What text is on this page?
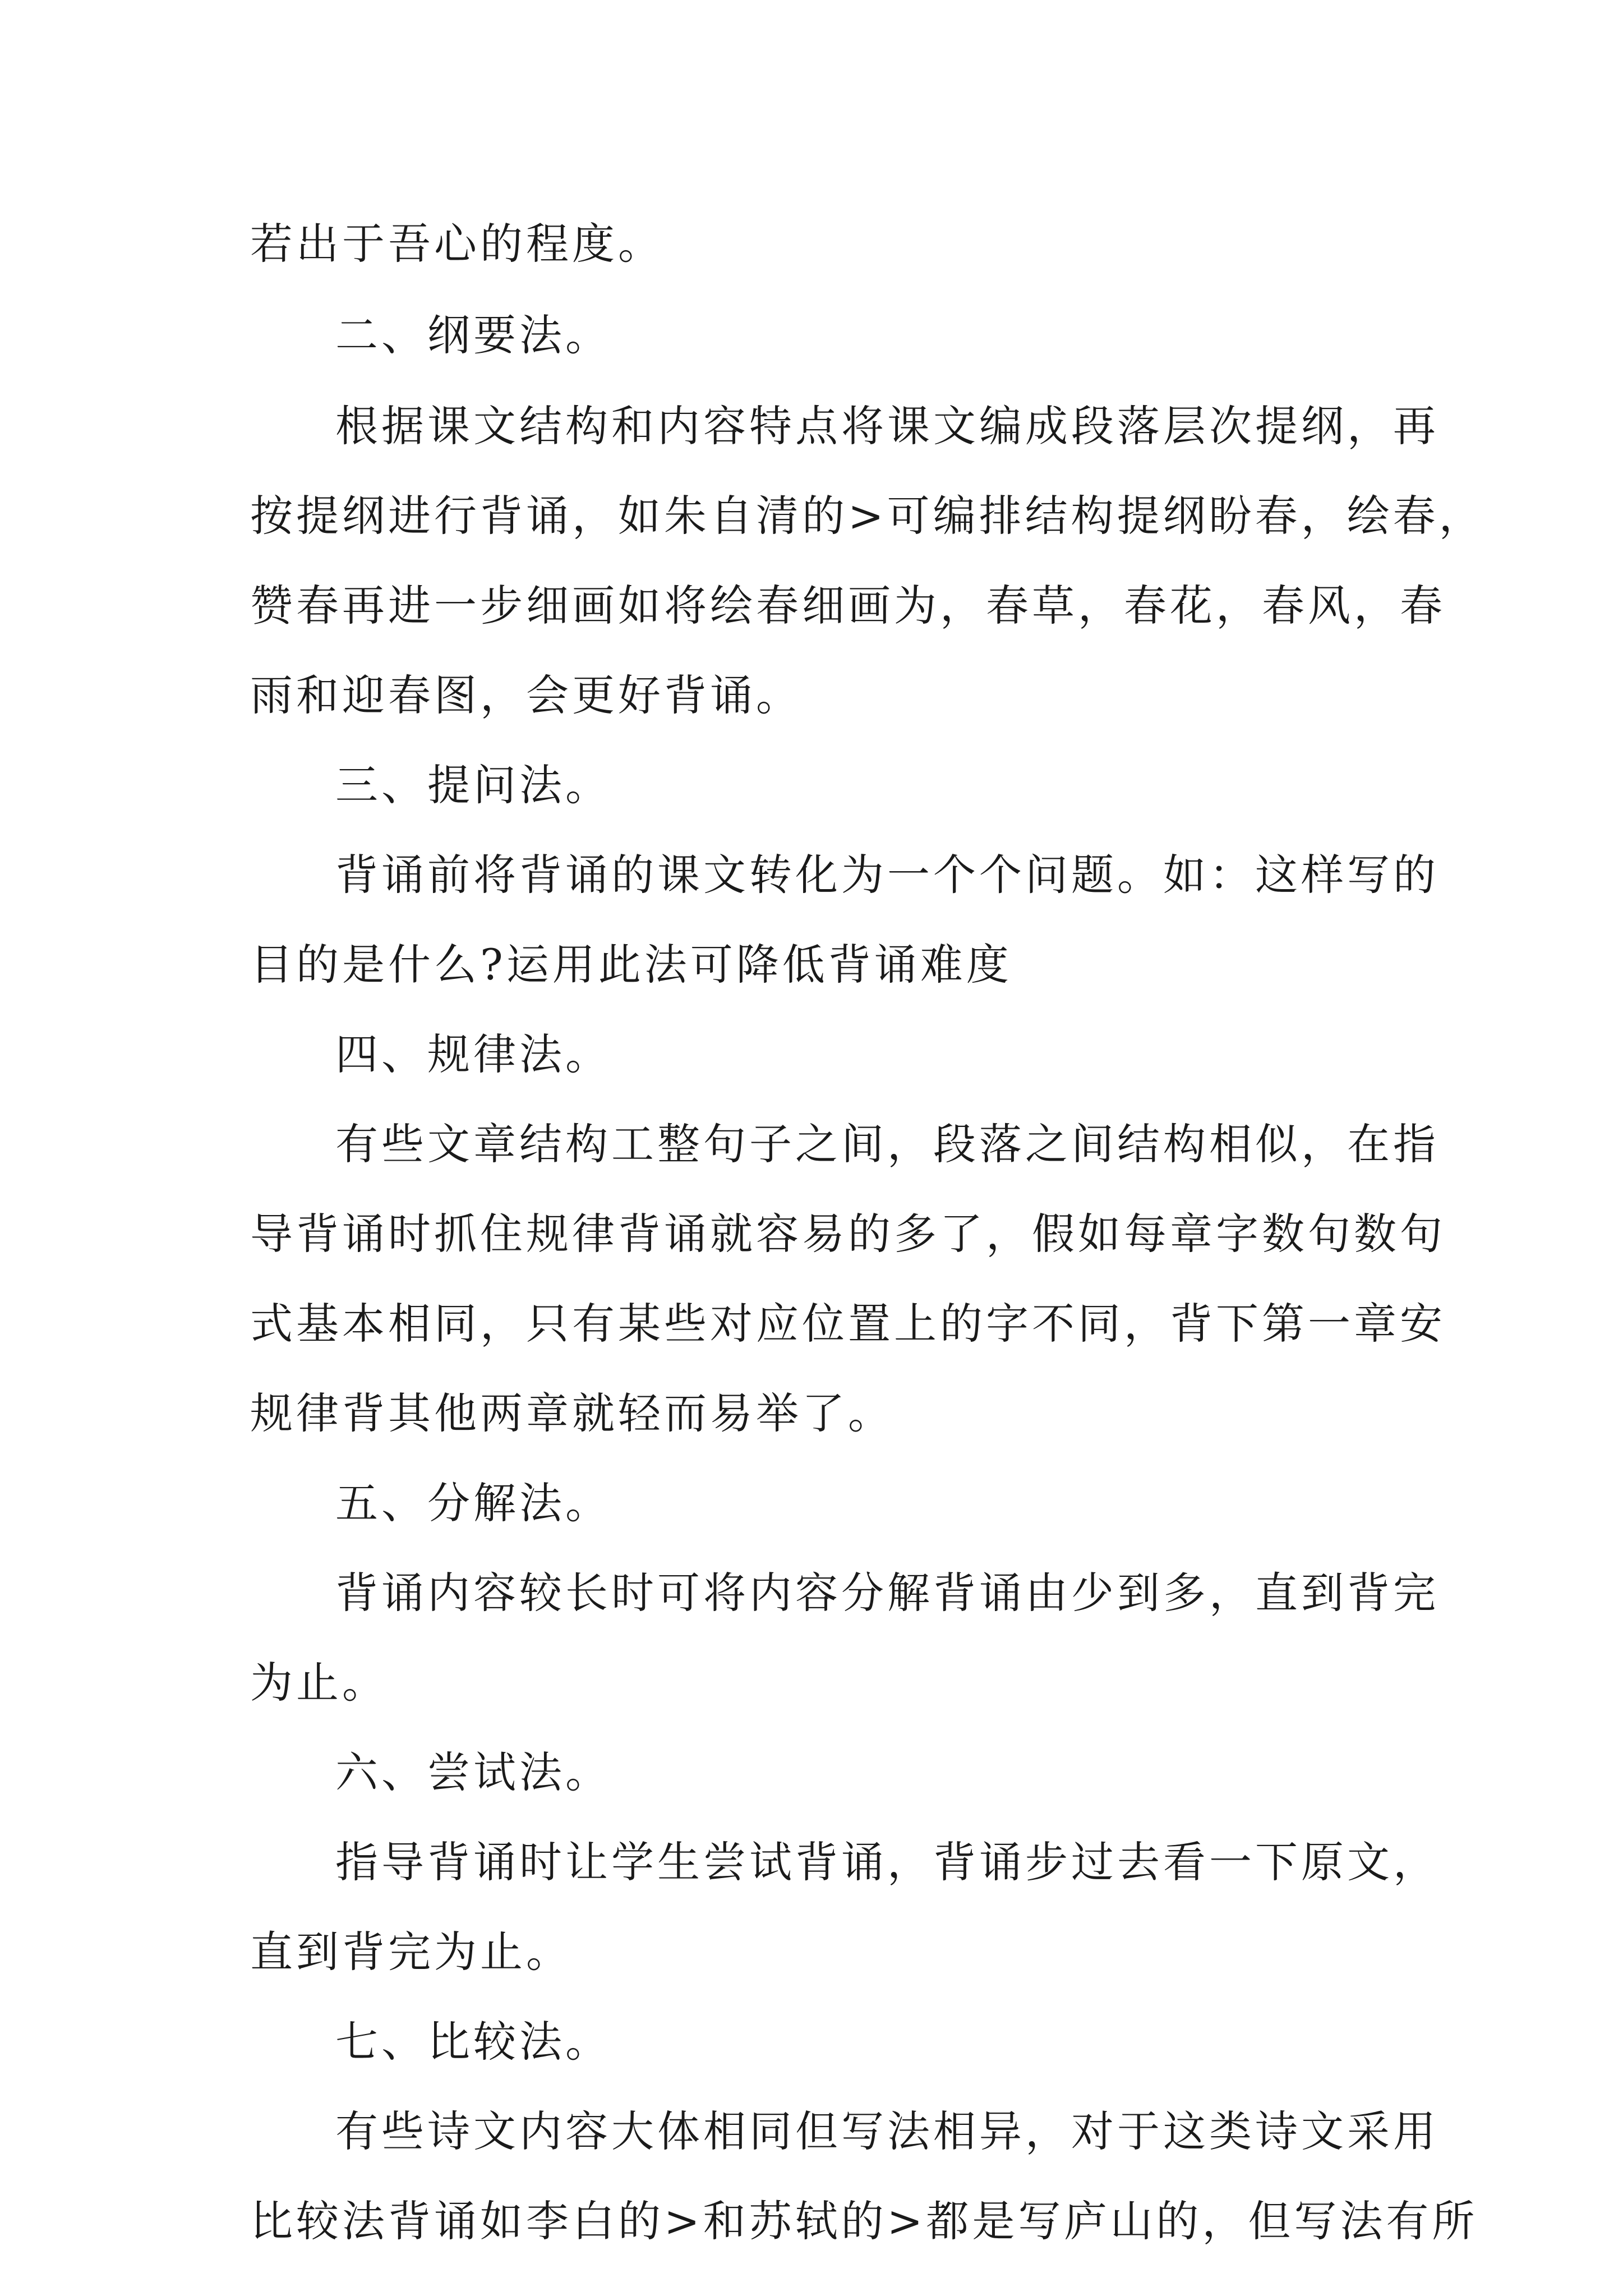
若出于吾心的程度。
二、纲要法。
根据课文结构和内容特点将课文编成段落层次提纲，再
按提纲进行背诵，如朱自清的>可编排结构提纲盼春，绘春，
赞春再进一步细画如将绘春细画为，春草，春花，春风，春
雨和迎春图，会更好背诵。
三、提问法。
背诵前将背诵的课文转化为一个个问题。如：这样写的
目的是什么?运用此法可降低背诵难度
四、规律法。
有些文章结构工整句子之间，段落之间结构相似，在指
导背诵时抓住规律背诵就容易的多了，假如每章字数句数句
式基本相同，只有某些对应位置上的字不同，背下第一章安
规律背其他两章就轻而易举了。
五、分解法。
背诵内容较长时可将内容分解背诵由少到多，直到背完
为止。
六、尝试法。
指导背诵时让学生尝试背诵，背诵步过去看一下原文，
直到背完为止。
七、比较法。
有些诗文内容大体相同但写法相异，对于这类诗文采用
比较法背诵如李白的>和苏轼的>都是写庐山的，但写法有所
